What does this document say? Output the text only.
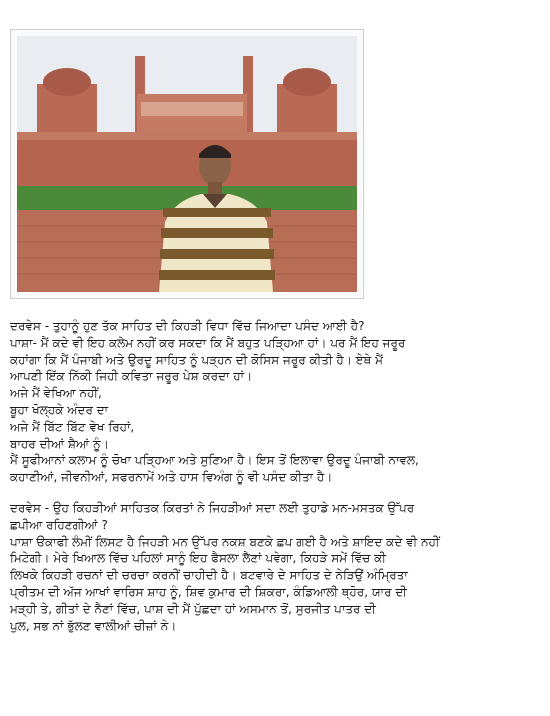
ਦਰਵੇਸ - ਤੁਹਾਨੂੰ ਹੁਣ ਤੱਕ ਸਾਹਿਤ ਦੀ ਕਿਹੜੀ ਵਿਧਾ ਵਿੱਚ ਜਿਆਦਾ ਪਸੰਦ ਆਈ ਹੈ?
ਪਾਸ਼ਾ- ਮੈਂ ਕਦੇ ਵੀ ਇਹ ਕਲੇਮ ਨਹੀਂ ਕਰ ਸਕਦਾ ਕਿ ਮੈਂ ਬਹੁਤ ਪੜ੍ਹਿਆ ਹਾਂ। ਪਰ ਮੈਂ ਇਹ ਜਰੂਰ
ਕਹਾਂਗਾ ਕਿ ਮੈਂ ਪੰਜਾਬੀ ਅਤੇ ਉਰਦੂ ਸਾਹਿਤ ਨੂੰ ਪੜ੍ਹਨ ਦੀ ਕੋਸਿਸ ਜਰੂਰ ਕੀਤੀ ਹੈ। ਏਥੇ ਮੈਂ
ਆਪਣੀ ਇੱਕ ਨਿੱਕੀ ਜਿਹੀ ਕਵਿਤਾ ਜਰੂਰ ਪੇਸ਼ ਕਰਦਾ ਹਾਂ।
ਅਜੇ ਮੈਂ ਵੇਖਿਆ ਨਹੀਂ,
ਬੂਹਾ ਖੋਲ੍ਹਕੇ ਅੰਦਰ ਦਾ
ਅਜੇ ਮੈਂ ਬਿੱਟ ਬਿੱਟ ਵੇਖ ਰਿਹਾਂ,
ਬਾਹਰ ਦੀਆਂ ਸ਼ੈਆਂ ਨੂੰ।
ਮੈਂ ਸੂਫੀਆਨਾਂ ਕਲਾਮ ਨੂੰ ਚੋਖਾ ਪੜ੍ਹਿਆ ਅਤੇ ਸੁਣਿਆ ਹੈ। ਇਸ ਤੋਂ ਇਲਾਵਾ ਉਰਦੂ ਪੰਜਾਬੀ ਨਾਵਲ,
ਕਹਾਣੀਆਂ, ਜੀਵਨੀਆਂ, ਸਫਰਨਾਮੇਂ ਅਤੇ ਹਾਸ ਵਿਅੰਗ ਨੂੰ ਵੀ ਪਸੰਦ ਕੀਤਾ ਹੈ।
ਦਰਵੇਸ - ਉਹ ਕਿਹੜੀਆਂ ਸਾਹਿਤਕ ਕਿਰਤਾਂ ਨੇ ਜਿਹੜੀਆਂ ਸਦਾ ਲਈ ਤੁਹਾਡੇ ਮਨ-ਮਸਤਕ ਉੱਪਰ
ਛਪੀਆ ਰਹਿਣਗੀਆਂ ?
ਪਾਸ਼ਾ ੳਕਾਫੀ ਲੰਮੀਂ ਲਿਸਟ ਹੈ ਜਿਹੜੀ ਮਨ ਉੱਪਰ ਨਕਸ਼ ਬਣਕੇ ਛਪ ਗਈ ਹੈ ਅਤੇ ਸ਼ਾਇਦ ਕਦੇ ਵੀ ਨਹੀਂ
ਮਿਟੇਗੀ। ਮੇਰੇ ਖਿਆਲ ਵਿੱਚ ਪਹਿਲਾਂ ਸਾਨੂੰ ਇਹ ਫੈਸਲਾ ਲੈਣਾਂ ਪਵੇਗਾ, ਕਿਹੜੇ ਸਮੇਂ ਵਿੱਚ ਕੀ
ਲਿਖਕੇ ਕਿਹੜੀ ਰਚਨਾਂ ਦੀ ਚਰਚਾ ਕਰਨੀਂ ਚਾਹੀਦੀ ਹੈ। ਬਟਵਾਰੇ ਦੇ ਸਾਹਿਤ ਦੇ ਨੇੜਿਉਂ ਅੰਮ੍ਰਿਤਾ
ਪ੍ਰੀਤਮ ਦੀ ਅੱਜ ਆਖਾਂ ਵਾਰਿਸ ਸ਼ਾਹ ਨੂੰ, ਸ਼ਿਵ ਕੁਮਾਰ ਦੀ ਸ਼ਿਕਰਾ, ਕੰਡਿਆਲੀ ਥ੍ਹੋਰ, ਯਾਰ ਦੀ
ਮੜ੍ਹੀ ਤੇ, ਗੀਤਾਂ ਦੇ ਨੈਣਾਂ ਵਿੱਚ, ਪਾਸ਼ ਦੀ ਮੈਂ ਪੁੱਛਦਾ ਹਾਂ ਅਸਮਾਨ ਤੋਂ, ਸੁਰਜੀਤ ਪਾਤਰ ਦੀ
ਪੁਲ, ਸਭ ਨਾਂ ਭੁੱਲਣ ਵਾਲੀਆਂ ਚੀਜ਼ਾਂ ਨੇ।
